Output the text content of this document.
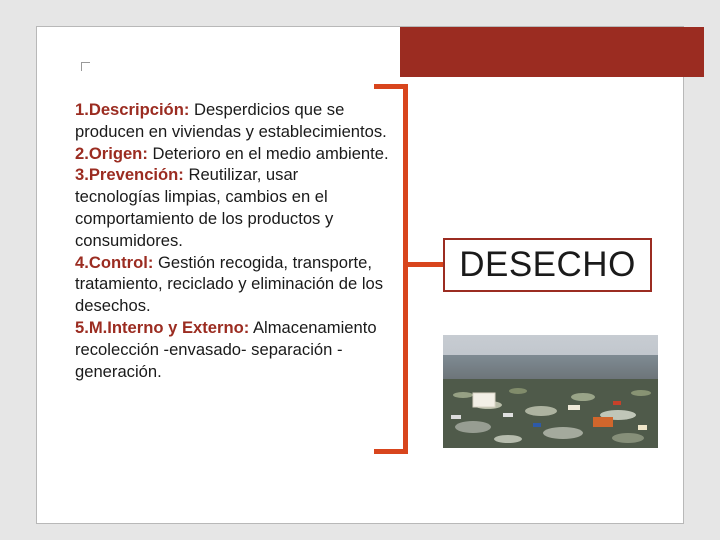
1.Descripción: Desperdicios que se
producen en viviendas y establecimientos.
2.Origen: Deterioro en el medio ambiente.
3.Prevención: Reutilizar, usar
tecnologías limpias, cambios en el
comportamiento de los productos y
consumidores.
4.Control: Gestión recogida, transporte,
tratamiento, reciclado y eliminación de los
desechos.
5.M.Interno y Externo: Almacenamiento
recolección -envasado- separación -
generación.
DESECHO
